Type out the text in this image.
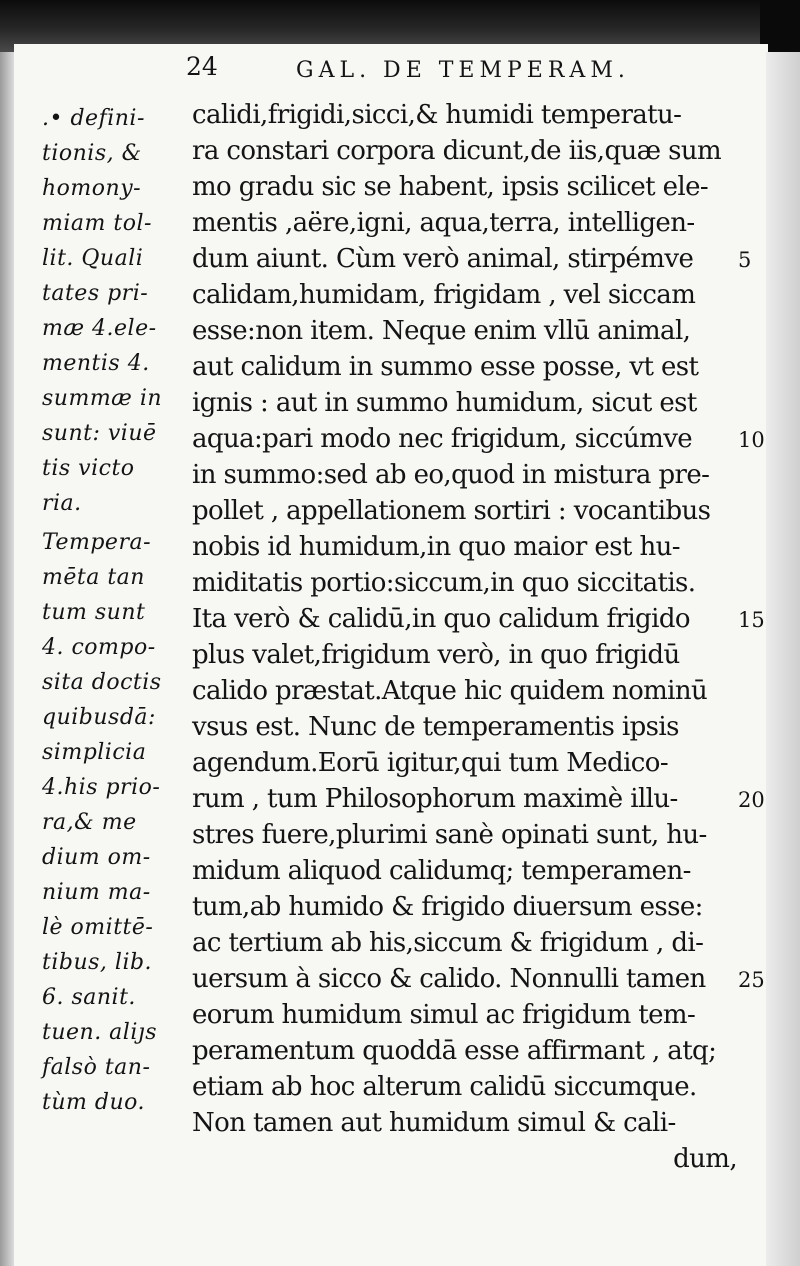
24	GAL. DE TEMPERAM.
.• defini-
tionis, &
homony-
miam tol-
lit. Quali
tates pri-
mæ 4.ele-
mentis 4.
summæ in
sunt: viuē
tis victo
ria.
Tempera-
mēta tan
tum sunt
4. compo-
sita doctis
quibusdā:
simplicia
4.his prio-
ra,& me
dium om-
nium ma-
lè omittē-
tibus, lib.
6. sanit.
tuen. aliȷs
falsò tan-
tùm duo.
calidi,frigidi,sicci,& humidi temperatu-
ra constari corpora dicunt,de iis,quæ sum
mo gradu sic se habent, ipsis scilicet ele-
mentis ,aëre,igni, aqua,terra, intelligen-
dum aiunt. Cùm verò animal, stirpémve
calidam,humidam, frigidam , vel siccam
esse:non item. Neque enim vllū animal,
aut calidum in summo esse posse, vt est
ignis : aut in summo humidum, sicut est
aqua:pari modo nec frigidum, siccúmve
in summo:sed ab eo,quod in mistura pre-
pollet , appellationem sortiri : vocantibus
nobis id humidum,in quo maior est hu-
miditatis portio:siccum,in quo siccitatis.
Ita verò & calidū,in quo calidum frigido
plus valet,frigidum verò, in quo frigidū
calido præstat.Atque hic quidem nominū
vsus est. Nunc de temperamentis ipsis
agendum.Eorū igitur,qui tum Medico-
rum , tum Philosophorum maximè illu-
stres fuere,plurimi sanè opinati sunt, hu-
midum aliquod calidumq; temperamen-
tum,ab humido & frigido diuersum esse:
ac tertium ab his,siccum & frigidum , di-
uersum à sicco & calido. Nonnulli tamen
eorum humidum simul ac frigidum tem-
peramentum quoddā esse affirmant , atq;
etiam ab hoc alterum calidū siccumque.
Non tamen aut humidum simul & cali-
dum,
5
10
15
20
25
